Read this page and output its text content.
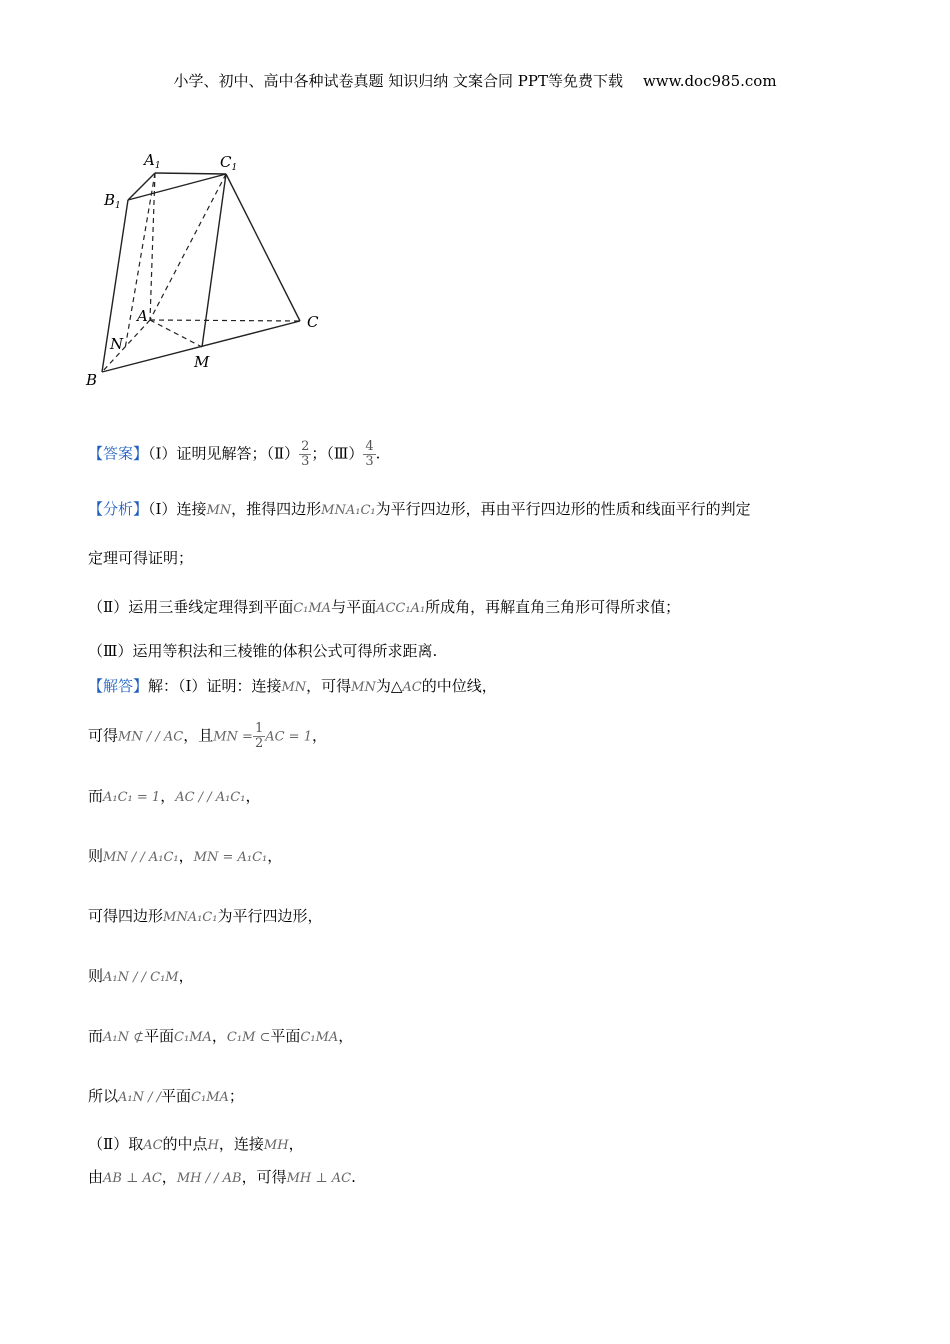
小学、初中、高中各种试卷真题 知识归纳 文案合同 PPT等免费下载 www.doc985.com
$A_1$	$C_1$
$B_1$
A	C
N
M
B
【答案】（Ⅰ）证明见解答；（Ⅱ） $\frac{2}{3}$ ；（Ⅲ） $\frac{4}{3}$ .
【分析】（Ⅰ）连接MN，推得四边形MNA₁C₁为平行四边形，再由平行四边形的性质和线面平行的判定
定理可得证明；
（Ⅱ）运用三垂线定理得到平面C₁MA与平面ACC₁A₁所成角，再解直角三角形可得所求值；
（Ⅲ）运用等积法和三棱锥的体积公式可得所求距离.
【解答】解：（Ⅰ）证明：连接MN，可得MN为△AC的中位线，
可得MN / / AC，且MN = $\frac{1}{2}$ AC = 1，
而A₁C₁ = 1，AC / / A₁C₁，
则MN / / A₁C₁，MN = A₁C₁，
可得四边形MNA₁C₁为平行四边形，
则A₁N / / C₁M，
而A₁N ⊄平面C₁MA，C₁M ⊂平面C₁MA，
所以A₁N / /平面C₁MA；
（Ⅱ）取AC的中点H，连接MH，
由AB ⊥ AC，MH / / AB，可得MH ⊥ AC.
